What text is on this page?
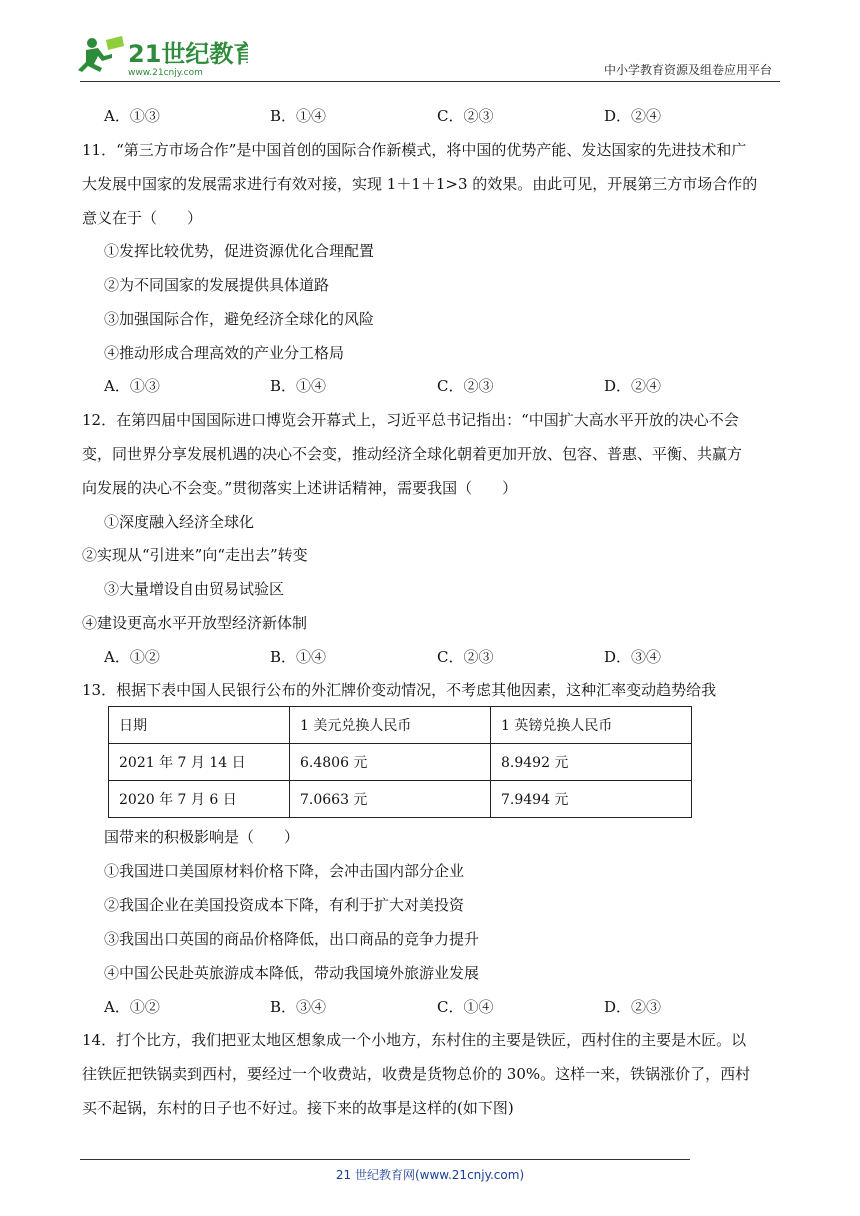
21世纪教育
www.21cnjy.com	中小学教育资源及组卷应用平台
A．①③	B．①④	C．②③	D．②④
11．“第三方市场合作”是中国首创的国际合作新模式，将中国的优势产能、发达国家的先进技术和广
大发展中国家的发展需求进行有效对接，实现 1＋1＋1>3 的效果。由此可见，开展第三方市场合作的
意义在于（　　）
①发挥比较优势，促进资源优化合理配置
②为不同国家的发展提供具体道路
③加强国际合作，避免经济全球化的风险
④推动形成合理高效的产业分工格局
A．①③	B．①④	C．②③	D．②④
12．在第四届中国国际进口博览会开幕式上，习近平总书记指出：“中国扩大高水平开放的决心不会
变，同世界分享发展机遇的决心不会变，推动经济全球化朝着更加开放、包容、普惠、平衡、共赢方
向发展的决心不会变。”贯彻落实上述讲话精神，需要我国（　　）
①深度融入经济全球化
②实现从“引进来”向“走出去”转变
③大量增设自由贸易试验区
④建设更高水平开放型经济新体制
A．①②	B．①④	C．②③	D．③④
13．根据下表中国人民银行公布的外汇牌价变动情况，不考虑其他因素，这种汇率变动趋势给我
日期	1 美元兑换人民币	1 英镑兑换人民币
2021 年 7 月 14 日	6.4806 元	8.9492 元
2020 年 7 月 6 日	7.0663 元	7.9494 元
国带来的积极影响是（　　）
①我国进口美国原材料价格下降，会冲击国内部分企业
②我国企业在美国投资成本下降，有利于扩大对美投资
③我国出口英国的商品价格降低，出口商品的竞争力提升
④中国公民赴英旅游成本降低，带动我国境外旅游业发展
A．①②	B．③④	C．①④	D．②③
14．打个比方，我们把亚太地区想象成一个小地方，东村住的主要是铁匠，西村住的主要是木匠。以
往铁匠把铁锅卖到西村，要经过一个收费站，收费是货物总价的 30%。这样一来，铁锅涨价了，西村
买不起锅，东村的日子也不好过。接下来的故事是这样的(如下图)
21 世纪教育网(www.21cnjy.com)
